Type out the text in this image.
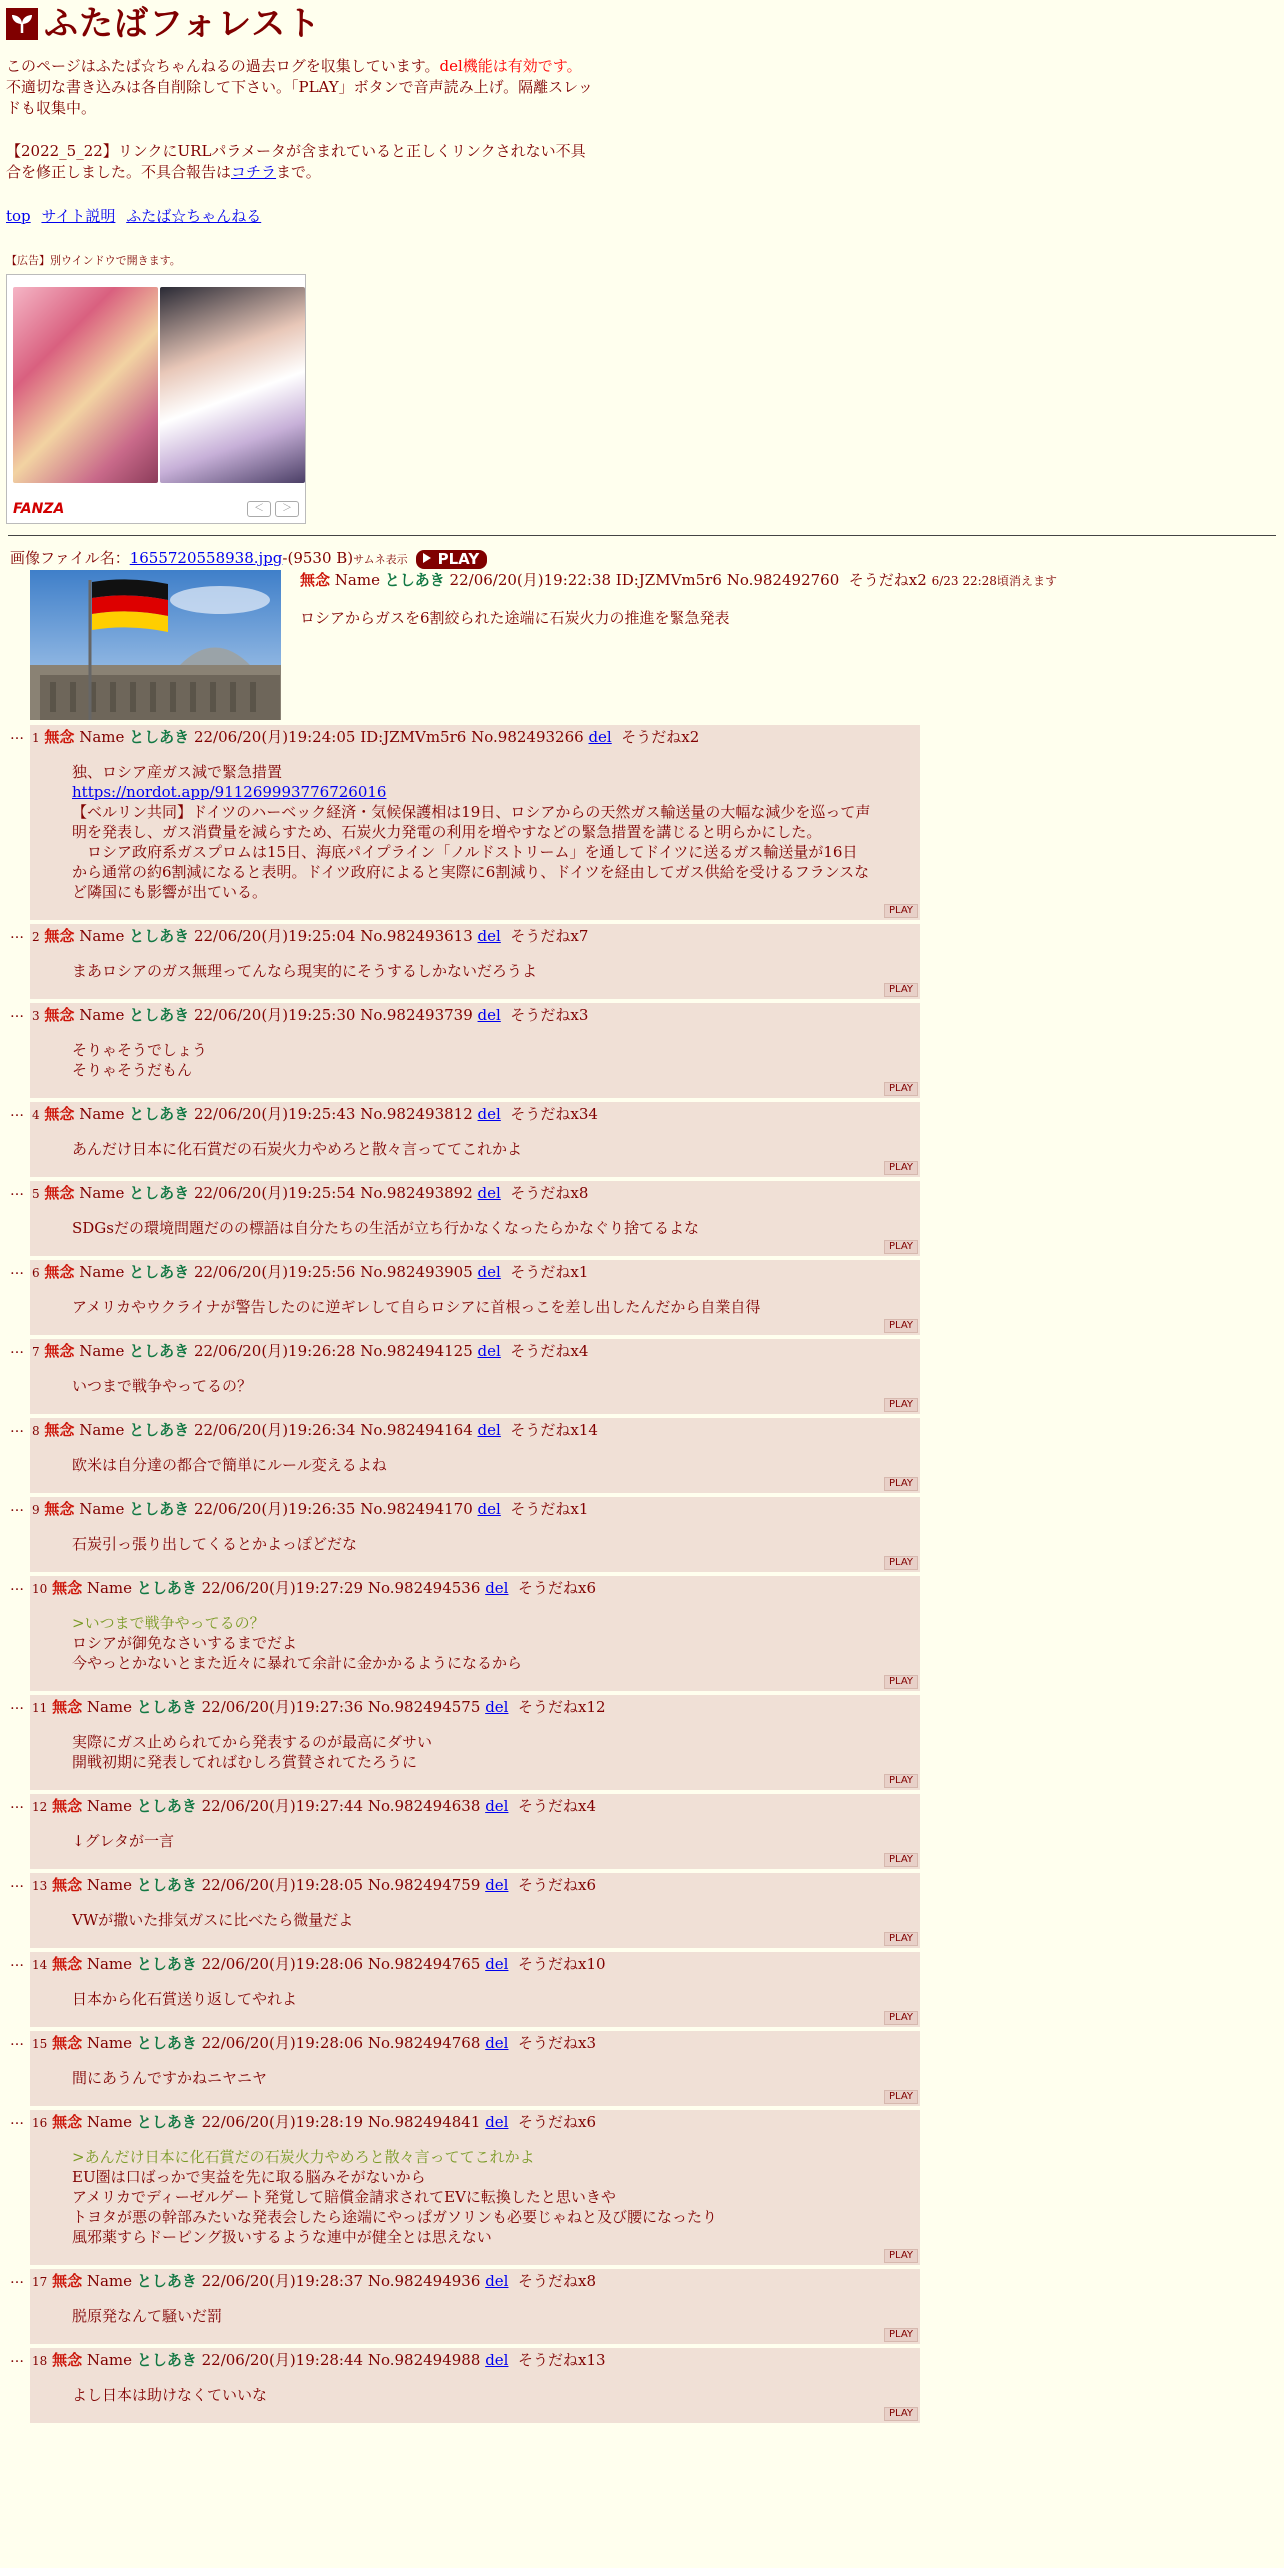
ふたばフォレスト
このページはふたば☆ちゃんねるの過去ログを収集しています。del機能は有効です。不適切な書き込みは各自削除して下さい。「PLAY」ボタンで音声読み上げ。隔離スレッドも収集中。
【2022_5_22】リンクにURLパラメータが含まれていると正しくリンクされない不具合を修正しました。不具合報告はコチラまで。
top サイト説明 ふたば☆ちゃんねる
【広告】別ウインドウで開きます。
FANZA	＜	＞
画像ファイル名：1655720558938.jpg-(9530 B)サムネ表示 PLAY
無念 Name としあき 22/06/20(月)19:22:38 ID:JZMVm5r6 No.982492760 そうだねx2 6/23 22:28頃消えます
ロシアからガスを6割絞られた途端に石炭火力の推進を緊急発表
… 1 無念 Name としあき 22/06/20(月)19:24:05 ID:JZMVm5r6 No.982493266 del そうだねx2
独、ロシア産ガス減で緊急措置
https://nordot.app/911269993776726016
【ベルリン共同】ドイツのハーベック経済・気候保護相は19日、ロシアからの天然ガス輸送量の大幅な減少を巡って声明を発表し、ガス消費量を減らすため、石炭火力発電の利用を増やすなどの緊急措置を講じると明らかにした。
　ロシア政府系ガスプロムは15日、海底パイプライン「ノルドストリーム」を通してドイツに送るガス輸送量が16日から通常の約6割減になると表明。ドイツ政府によると実際に6割減り、ドイツを経由してガス供給を受けるフランスなど隣国にも影響が出ている。
PLAY
… 2 無念 Name としあき 22/06/20(月)19:25:04 No.982493613 del そうだねx7
まあロシアのガス無理ってんなら現実的にそうするしかないだろうよ
PLAY
… 3 無念 Name としあき 22/06/20(月)19:25:30 No.982493739 del そうだねx3
そりゃそうでしょう
そりゃそうだもん
PLAY
… 4 無念 Name としあき 22/06/20(月)19:25:43 No.982493812 del そうだねx34
あんだけ日本に化石賞だの石炭火力やめろと散々言っててこれかよ
PLAY
… 5 無念 Name としあき 22/06/20(月)19:25:54 No.982493892 del そうだねx8
SDGsだの環境問題だのの標語は自分たちの生活が立ち行かなくなったらかなぐり捨てるよな
PLAY
… 6 無念 Name としあき 22/06/20(月)19:25:56 No.982493905 del そうだねx1
アメリカやウクライナが警告したのに逆ギレして自らロシアに首根っこを差し出したんだから自業自得
PLAY
… 7 無念 Name としあき 22/06/20(月)19:26:28 No.982494125 del そうだねx4
いつまで戦争やってるの？
PLAY
… 8 無念 Name としあき 22/06/20(月)19:26:34 No.982494164 del そうだねx14
欧米は自分達の都合で簡単にルール変えるよね
PLAY
… 9 無念 Name としあき 22/06/20(月)19:26:35 No.982494170 del そうだねx1
石炭引っ張り出してくるとかよっぽどだな
PLAY
… 10 無念 Name としあき 22/06/20(月)19:27:29 No.982494536 del そうだねx6
>いつまで戦争やってるの？
ロシアが御免なさいするまでだよ
今やっとかないとまた近々に暴れて余計に金かかるようになるから
PLAY
… 11 無念 Name としあき 22/06/20(月)19:27:36 No.982494575 del そうだねx12
実際にガス止められてから発表するのが最高にダサい
開戦初期に発表してればむしろ賞賛されてたろうに
PLAY
… 12 無念 Name としあき 22/06/20(月)19:27:44 No.982494638 del そうだねx4
↓グレタが一言
PLAY
… 13 無念 Name としあき 22/06/20(月)19:28:05 No.982494759 del そうだねx6
VWが撒いた排気ガスに比べたら微量だよ
PLAY
… 14 無念 Name としあき 22/06/20(月)19:28:06 No.982494765 del そうだねx10
日本から化石賞送り返してやれよ
PLAY
… 15 無念 Name としあき 22/06/20(月)19:28:06 No.982494768 del そうだねx3
間にあうんですかねニヤニヤ
PLAY
… 16 無念 Name としあき 22/06/20(月)19:28:19 No.982494841 del そうだねx6
>あんだけ日本に化石賞だの石炭火力やめろと散々言っててこれかよ
EU圏は口ばっかで実益を先に取る脳みそがないから
アメリカでディーゼルゲート発覚して賠償金請求されてEVに転換したと思いきや
トヨタが悪の幹部みたいな発表会したら途端にやっぱガソリンも必要じゃねと及び腰になったり
風邪薬すらドーピング扱いするような連中が健全とは思えない
PLAY
… 17 無念 Name としあき 22/06/20(月)19:28:37 No.982494936 del そうだねx8
脱原発なんて騒いだ罰
PLAY
… 18 無念 Name としあき 22/06/20(月)19:28:44 No.982494988 del そうだねx13
よし日本は助けなくていいな
PLAY
